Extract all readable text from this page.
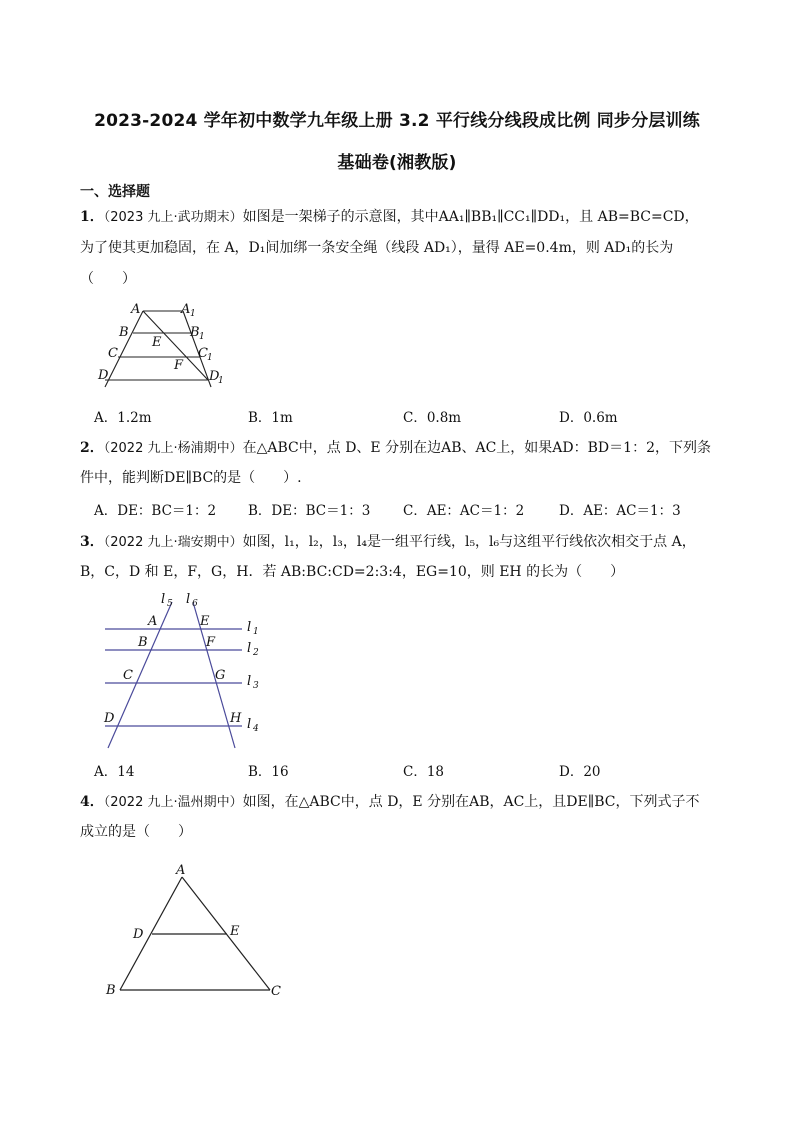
2023-2024 学年初中数学九年级上册 3.2 平行线分线段成比例 同步分层训练
基础卷(湘教版)
一、选择题
1．（2023 九上·武功期末）如图是一架梯子的示意图，其中AA₁∥BB₁∥CC₁∥DD₁，且 AB=BC=CD，
为了使其更加稳固，在 A，D₁间加绑一条安全绳（线段 AD₁），量得 AE=0.4m，则 AD₁的长为
（　　）
A	A 1
B	B 1
E
C	C 1
F
D	D
1
A．1.2m	B．1m	C．0.8m	D．0.6m
2．（2022 九上·杨浦期中）在△ABC中，点 D、E 分别在边AB、AC上，如果AD：BD＝1：2，下列条
件中，能判断DE∥BC的是（　　）.
A．DE：BC＝1：2 B．DE：BC＝1：3 C．AE：AC＝1：2	D．AE：AC＝1：3
3．（2022 九上·瑞安期中）如图，l₁，l₂，l₃，l₄是一组平行线，l₅，l₆与这组平行线依次相交于点 A，
B，C，D 和 E，F，G，H．若 AB:BC:CD=2:3:4，EG=10，则 EH 的长为（　　）
l 5 l 6
l 1
l 2
l 3
l 4
A	E
B	F
C	G
D	H
A．14	B．16	C．18	D．20
4．（2022 九上·温州期中）如图，在△ABC中，点 D，E 分别在AB，AC上，且DE∥BC，下列式子不
成立的是（　　）
A
D	E
B	C
